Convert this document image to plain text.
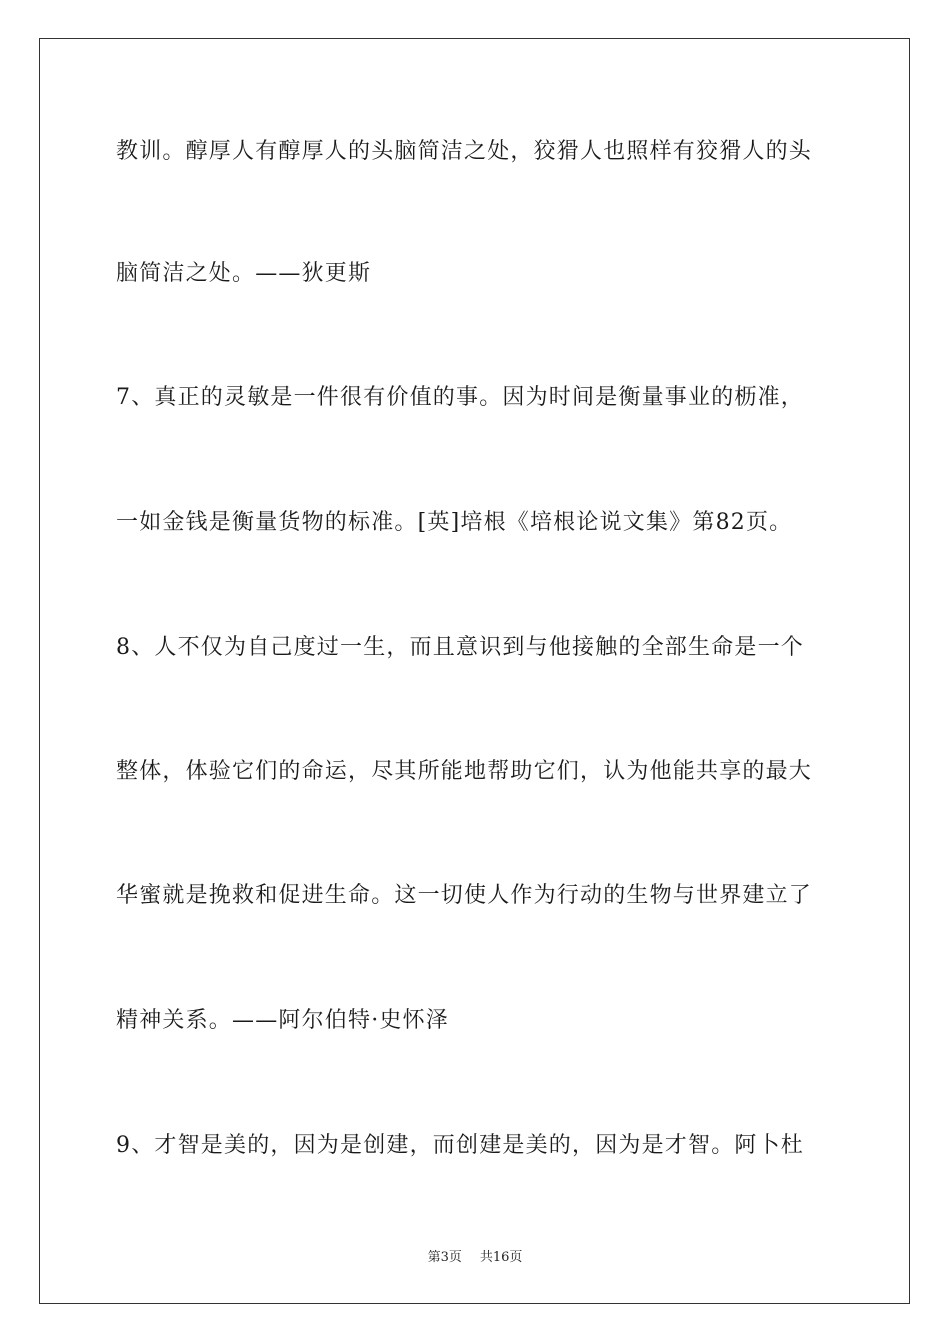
教训。醇厚人有醇厚人的头脑简洁之处，狡猾人也照样有狡猾人的头
脑简洁之处。——狄更斯
7、真正的灵敏是一件很有价值的事。因为时间是衡量事业的枥准，
一如金钱是衡量货物的标准。[英]培根《培根论说文集》第82页。
8、人不仅为自己度过一生，而且意识到与他接触的全部生命是一个
整体，体验它们的命运，尽其所能地帮助它们，认为他能共享的最大
华蜜就是挽救和促进生命。这一切使人作为行动的生物与世界建立了
精神关系。——阿尔伯特·史怀泽
9、才智是美的，因为是创建，而创建是美的，因为是才智。阿卜杜
第3页 共16页
